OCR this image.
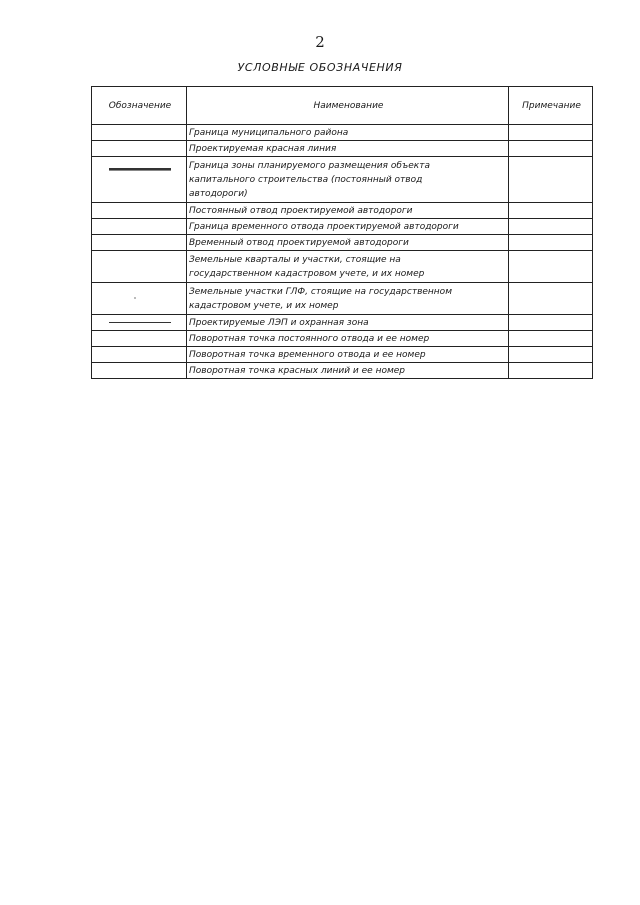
2
УСЛОВНЫЕ ОБОЗНАЧЕНИЯ
Обозначение	Наименование	Примечание
	Граница муниципального района	
	Проектируемая красная линия	
	Граница зоны планируемого размещения объекта
капитального строительства (постоянный отвод
автодороги)	
	Постоянный отвод проектируемой автодороги	
	Граница временного отвода проектируемой автодороги	
	Временный отвод проектируемой автодороги	
	Земельные кварталы и участки, стоящие на
государственном кадастровом учете, и их номер	
	Земельные участки ГЛФ, стоящие на государственном
кадастровом учете, и их номер	
	Проектируемые ЛЭП и охранная зона	
	Поворотная точка постоянного отвода и ее номер	
	Поворотная точка временного отвода и ее номер	
	Поворотная точка красных линий и ее номер	
